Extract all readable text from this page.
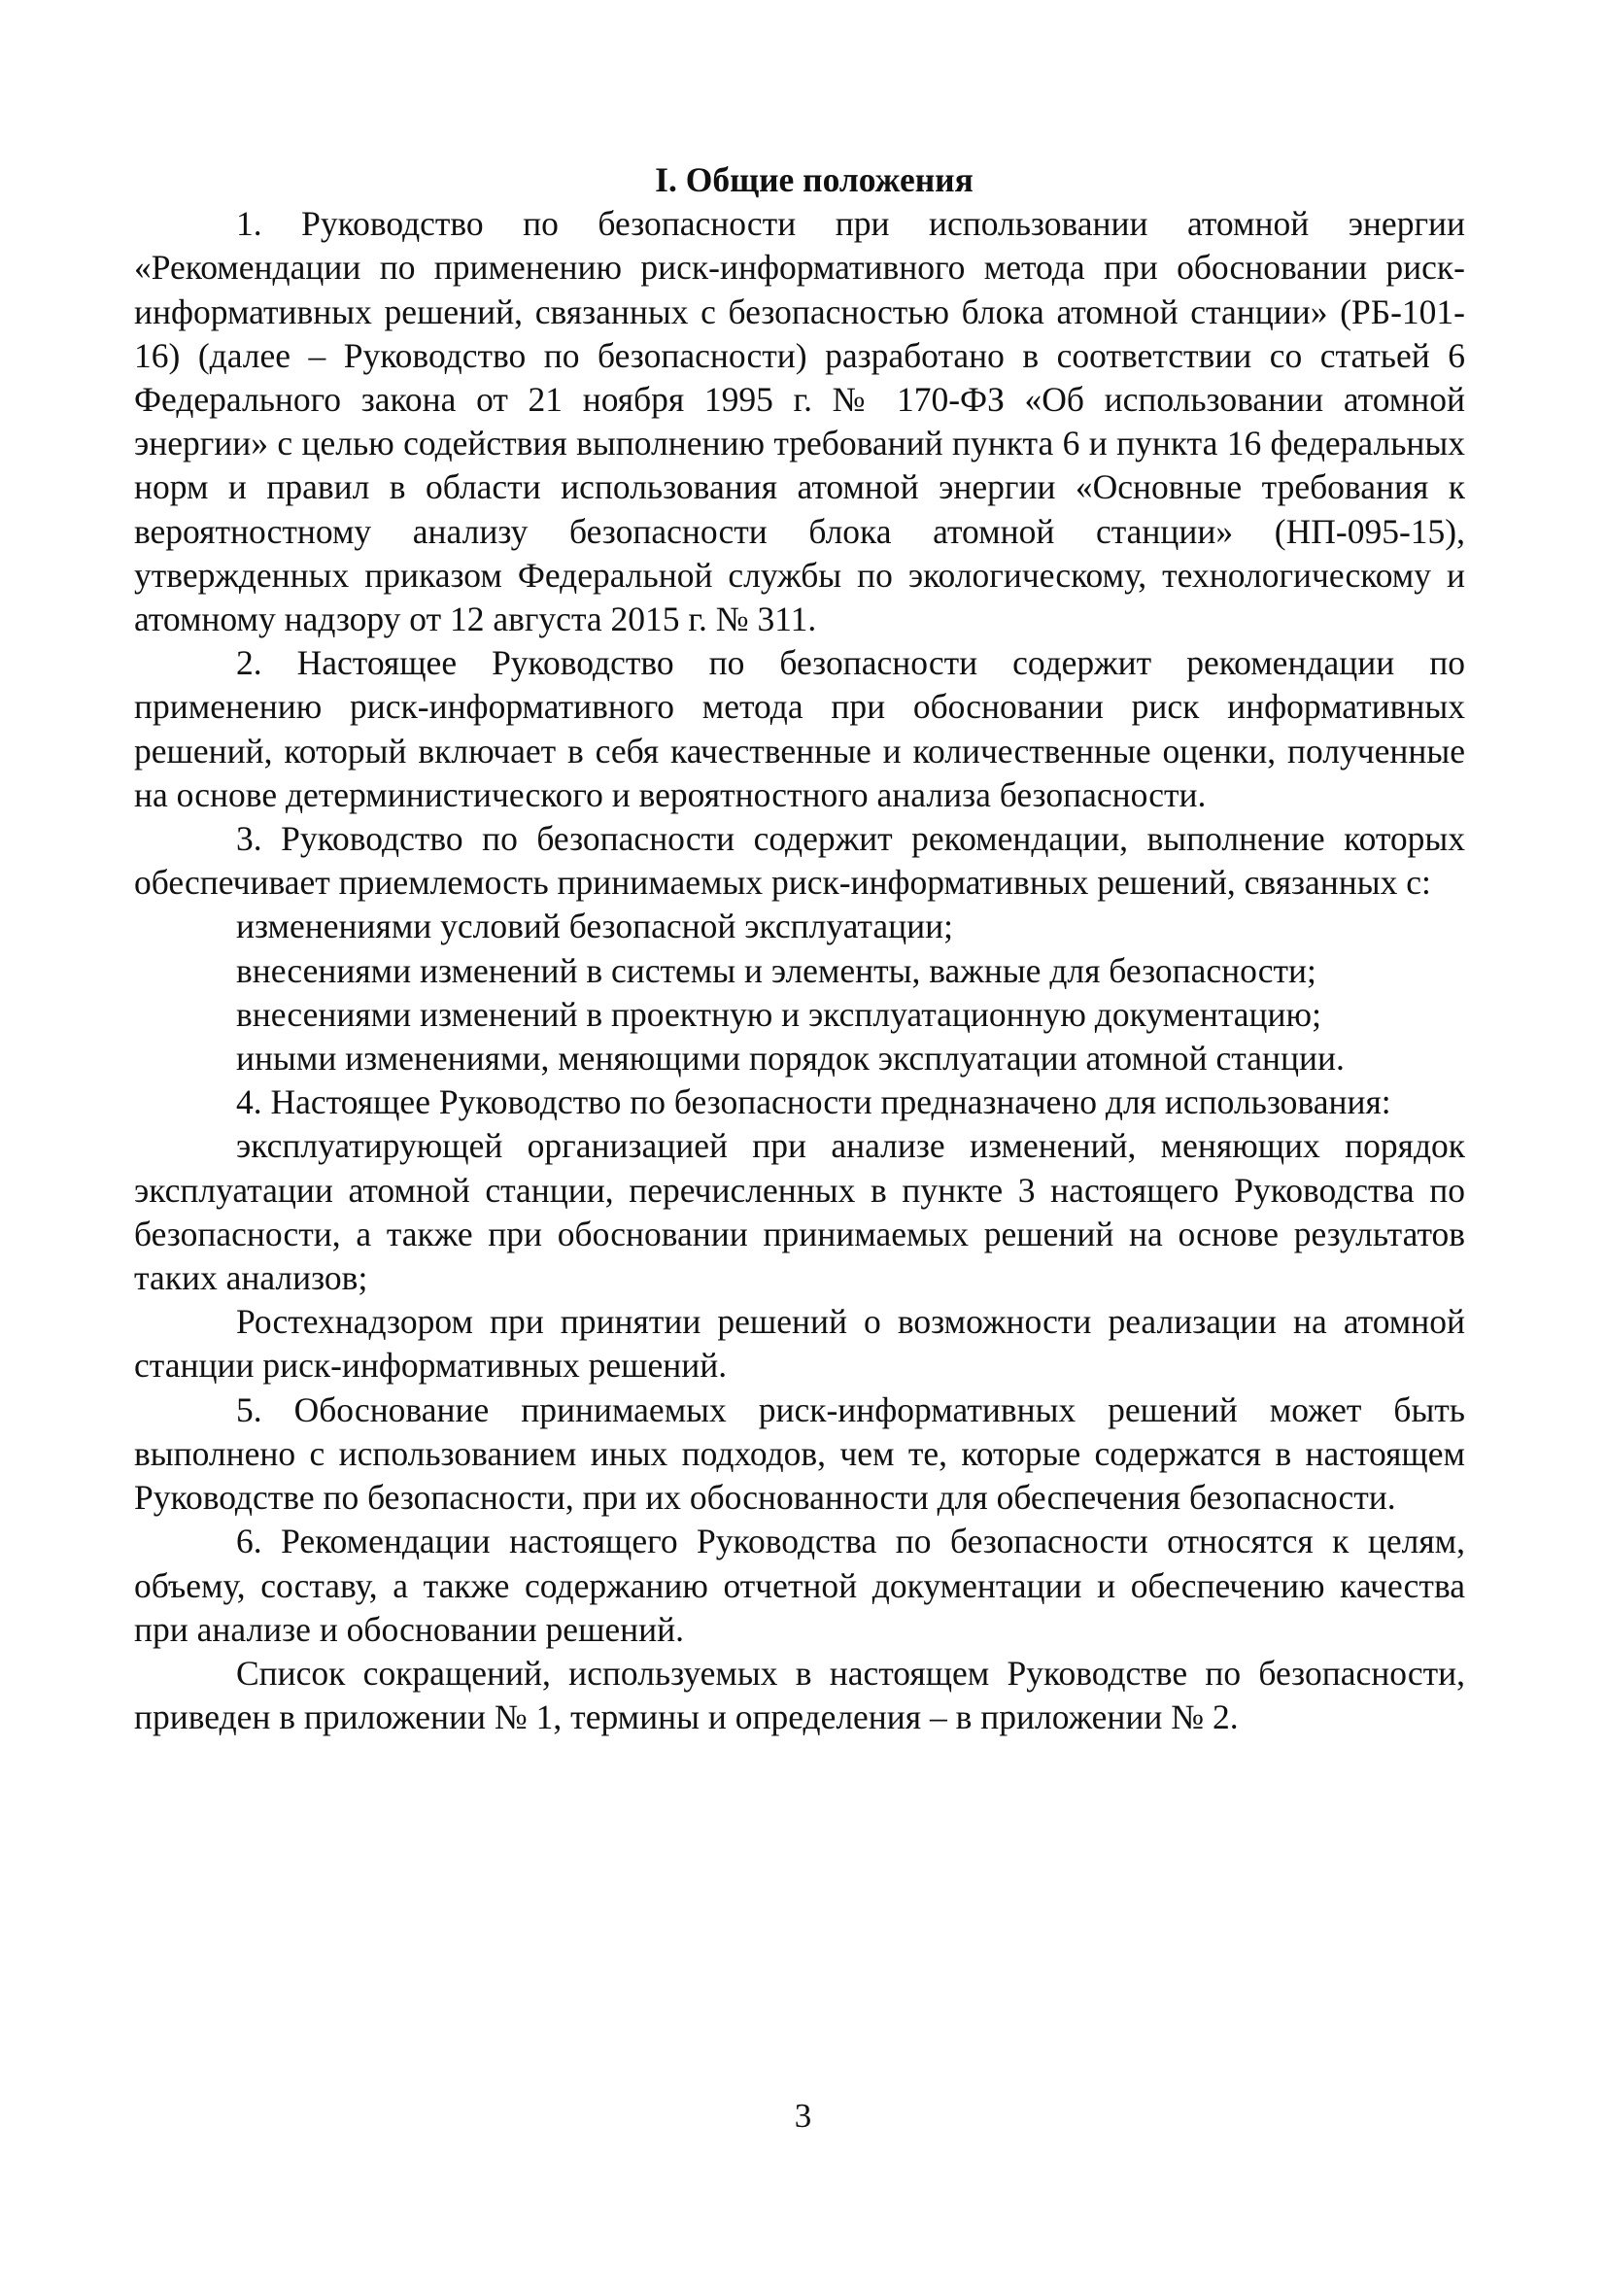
I. Общие положения

1. Руководство по безопасности при использовании атомной энергии «Рекомендации по применению риск-информативного метода при обосновании риск-информативных решений, связанных с безопасностью блока атомной станции» (РБ-101-16) (далее – Руководство по безопасности) разработано в соответствии со статьей 6 Федерального закона от 21 ноября 1995 г. № 170-ФЗ «Об использовании атомной энергии» с целью содействия выполнению требований пункта 6 и пункта 16 федеральных норм и правил в области использования атомной энергии «Основные требования к вероятностному анализу безопасности блока атомной станции» (НП-095-15), утвержденных приказом Федеральной службы по экологическому, технологическому и атомному надзору от 12 августа 2015 г. № 311.

2. Настоящее Руководство по безопасности содержит рекомендации по применению риск-информативного метода при обосновании риск информативных решений, который включает в себя качественные и количественные оценки, полученные на основе детерминистического и вероятностного анализа безопасности.

3. Руководство по безопасности содержит рекомендации, выполнение которых обеспечивает приемлемость принимаемых риск-информативных решений, связанных с:

изменениями условий безопасной эксплуатации;

внесениями изменений в системы и элементы, важные для безопасности;

внесениями изменений в проектную и эксплуатационную документацию;

иными изменениями, меняющими порядок эксплуатации атомной станции.

4. Настоящее Руководство по безопасности предназначено для использования:

эксплуатирующей организацией при анализе изменений, меняющих порядок эксплуатации атомной станции, перечисленных в пункте 3 настоящего Руководства по безопасности, а также при обосновании принимаемых решений на основе результатов таких анализов;

Ростехнадзором при принятии решений о возможности реализации на атомной станции риск-информативных решений.

5. Обоснование принимаемых риск-информативных решений может быть выполнено с использованием иных подходов, чем те, которые содержатся в настоящем Руководстве по безопасности, при их обоснованности для обеспечения безопасности.

6. Рекомендации настоящего Руководства по безопасности относятся к целям, объему, составу, а также содержанию отчетной документации и обеспечению качества при анализе и обосновании решений.

Список сокращений, используемых в настоящем Руководстве по безопасности, приведен в приложении № 1, термины и определения – в приложении № 2.

3
